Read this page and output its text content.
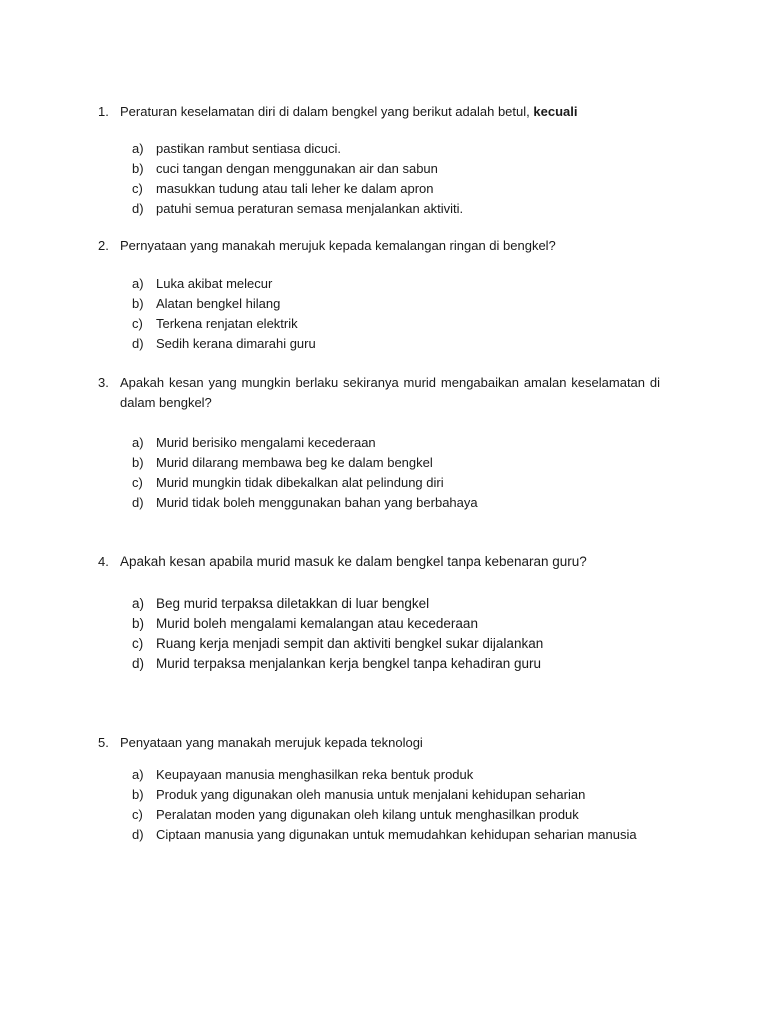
1. Peraturan keselamatan diri di dalam bengkel yang berikut adalah betul, kecuali
a) pastikan rambut sentiasa dicuci.
b) cuci tangan dengan menggunakan air dan sabun
c)	masukkan tudung atau tali leher ke dalam apron
d) patuhi semua peraturan semasa menjalankan aktiviti.
2. Pernyataan yang manakah merujuk kepada kemalangan ringan di bengkel?
a) Luka akibat melecur
b) Alatan bengkel hilang
c)	Terkena renjatan elektrik
d) Sedih kerana dimarahi guru
3. Apakah kesan yang mungkin berlaku sekiranya murid mengabaikan amalan keselamatan di dalam bengkel?
a) Murid berisiko mengalami kecederaan
b) Murid dilarang membawa beg ke dalam bengkel
c)	Murid mungkin tidak dibekalkan alat pelindung diri
d) Murid tidak boleh menggunakan bahan yang berbahaya
4. Apakah kesan apabila murid masuk ke dalam bengkel tanpa kebenaran guru?
a) Beg murid terpaksa diletakkan di luar bengkel
b) Murid boleh mengalami kemalangan atau kecederaan
c) Ruang kerja menjadi sempit dan aktiviti bengkel sukar dijalankan
d) Murid terpaksa menjalankan kerja bengkel tanpa kehadiran guru
5. Penyataan yang manakah merujuk kepada teknologi
a) Keupayaan manusia menghasilkan reka bentuk produk
b) Produk yang digunakan oleh manusia untuk menjalani kehidupan seharian
c)	Peralatan moden yang digunakan oleh kilang untuk menghasilkan produk
d) Ciptaan manusia yang digunakan untuk memudahkan kehidupan seharian manusia
